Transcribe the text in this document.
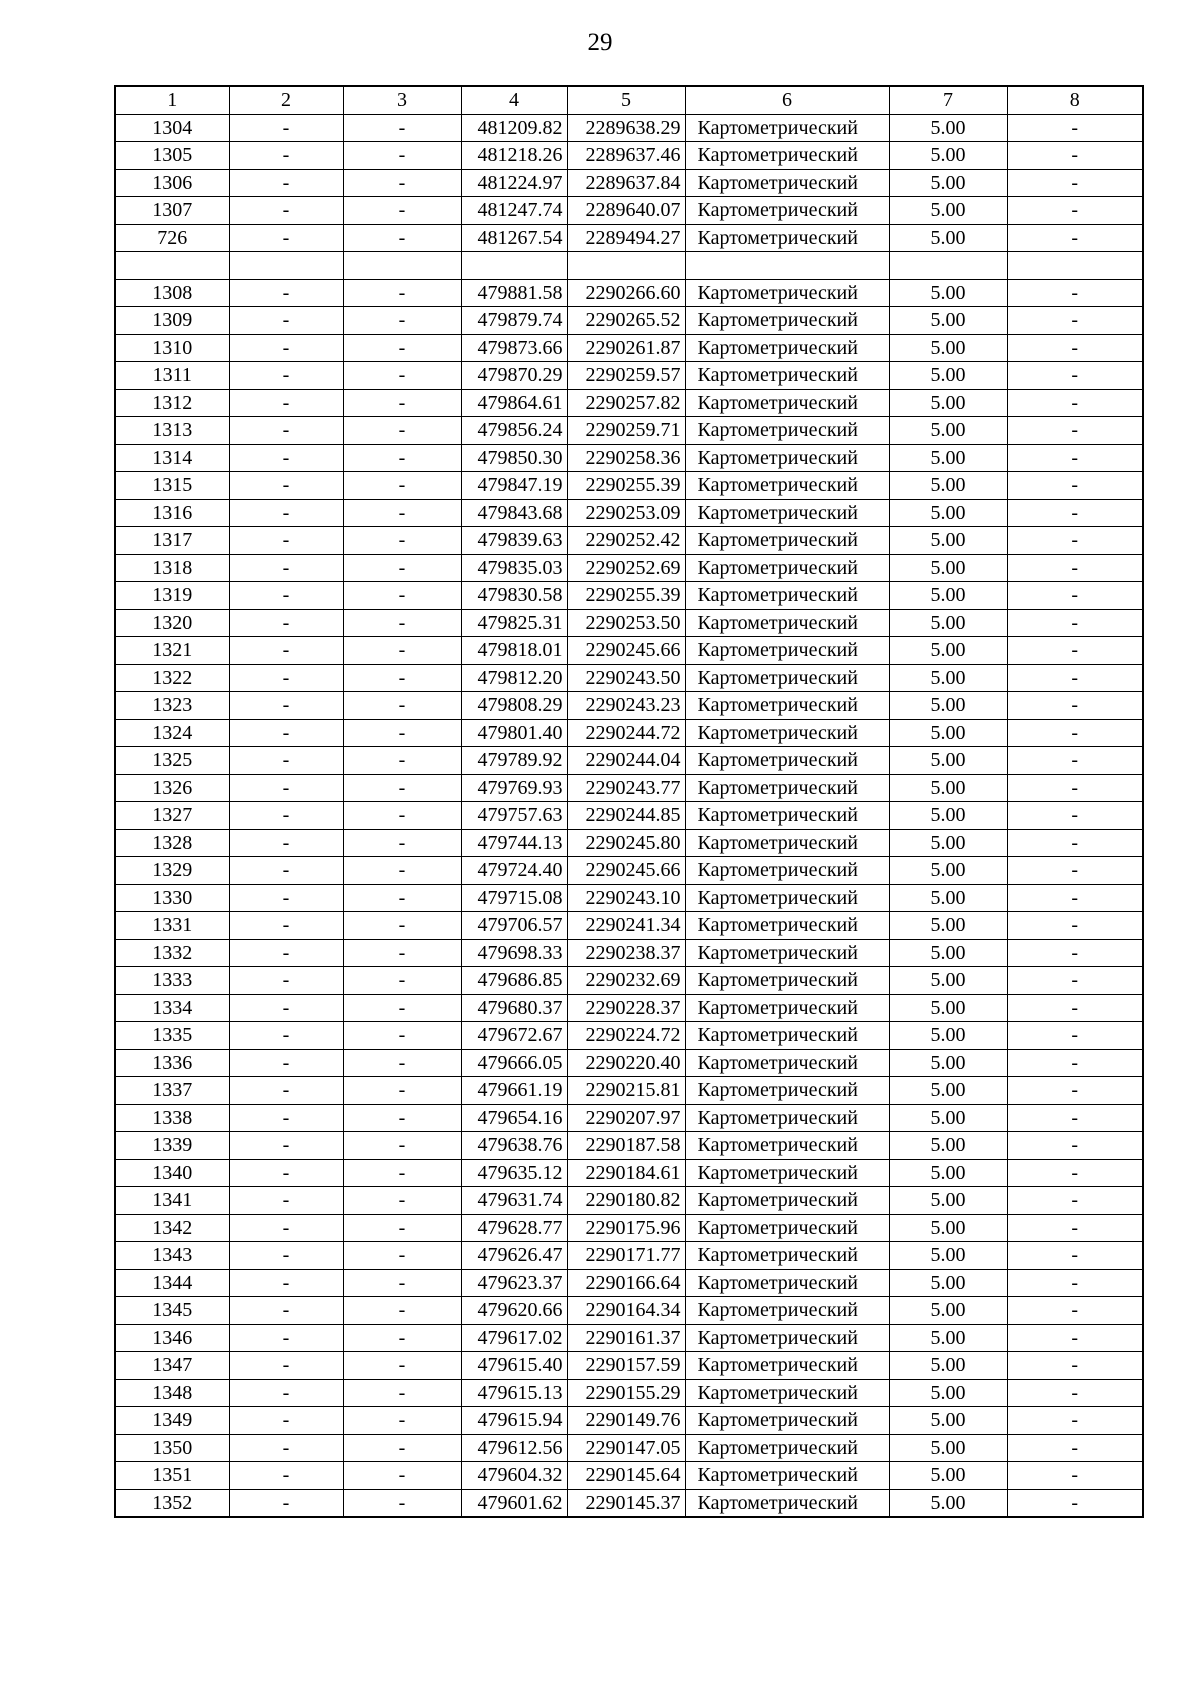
29
1	2	3	4	5	6	7	8
1304	-	-	481209.82	2289638.29	Картометрический	5.00	-
1305	-	-	481218.26	2289637.46	Картометрический	5.00	-
1306	-	-	481224.97	2289637.84	Картометрический	5.00	-
1307	-	-	481247.74	2289640.07	Картометрический	5.00	-
726	-	-	481267.54	2289494.27	Картометрический	5.00	-

1308	-	-	479881.58	2290266.60	Картометрический	5.00	-
1309	-	-	479879.74	2290265.52	Картометрический	5.00	-
1310	-	-	479873.66	2290261.87	Картометрический	5.00	-
1311	-	-	479870.29	2290259.57	Картометрический	5.00	-
1312	-	-	479864.61	2290257.82	Картометрический	5.00	-
1313	-	-	479856.24	2290259.71	Картометрический	5.00	-
1314	-	-	479850.30	2290258.36	Картометрический	5.00	-
1315	-	-	479847.19	2290255.39	Картометрический	5.00	-
1316	-	-	479843.68	2290253.09	Картометрический	5.00	-
1317	-	-	479839.63	2290252.42	Картометрический	5.00	-
1318	-	-	479835.03	2290252.69	Картометрический	5.00	-
1319	-	-	479830.58	2290255.39	Картометрический	5.00	-
1320	-	-	479825.31	2290253.50	Картометрический	5.00	-
1321	-	-	479818.01	2290245.66	Картометрический	5.00	-
1322	-	-	479812.20	2290243.50	Картометрический	5.00	-
1323	-	-	479808.29	2290243.23	Картометрический	5.00	-
1324	-	-	479801.40	2290244.72	Картометрический	5.00	-
1325	-	-	479789.92	2290244.04	Картометрический	5.00	-
1326	-	-	479769.93	2290243.77	Картометрический	5.00	-
1327	-	-	479757.63	2290244.85	Картометрический	5.00	-
1328	-	-	479744.13	2290245.80	Картометрический	5.00	-
1329	-	-	479724.40	2290245.66	Картометрический	5.00	-
1330	-	-	479715.08	2290243.10	Картометрический	5.00	-
1331	-	-	479706.57	2290241.34	Картометрический	5.00	-
1332	-	-	479698.33	2290238.37	Картометрический	5.00	-
1333	-	-	479686.85	2290232.69	Картометрический	5.00	-
1334	-	-	479680.37	2290228.37	Картометрический	5.00	-
1335	-	-	479672.67	2290224.72	Картометрический	5.00	-
1336	-	-	479666.05	2290220.40	Картометрический	5.00	-
1337	-	-	479661.19	2290215.81	Картометрический	5.00	-
1338	-	-	479654.16	2290207.97	Картометрический	5.00	-
1339	-	-	479638.76	2290187.58	Картометрический	5.00	-
1340	-	-	479635.12	2290184.61	Картометрический	5.00	-
1341	-	-	479631.74	2290180.82	Картометрический	5.00	-
1342	-	-	479628.77	2290175.96	Картометрический	5.00	-
1343	-	-	479626.47	2290171.77	Картометрический	5.00	-
1344	-	-	479623.37	2290166.64	Картометрический	5.00	-
1345	-	-	479620.66	2290164.34	Картометрический	5.00	-
1346	-	-	479617.02	2290161.37	Картометрический	5.00	-
1347	-	-	479615.40	2290157.59	Картометрический	5.00	-
1348	-	-	479615.13	2290155.29	Картометрический	5.00	-
1349	-	-	479615.94	2290149.76	Картометрический	5.00	-
1350	-	-	479612.56	2290147.05	Картометрический	5.00	-
1351	-	-	479604.32	2290145.64	Картометрический	5.00	-
1352	-	-	479601.62	2290145.37	Картометрический	5.00	-
